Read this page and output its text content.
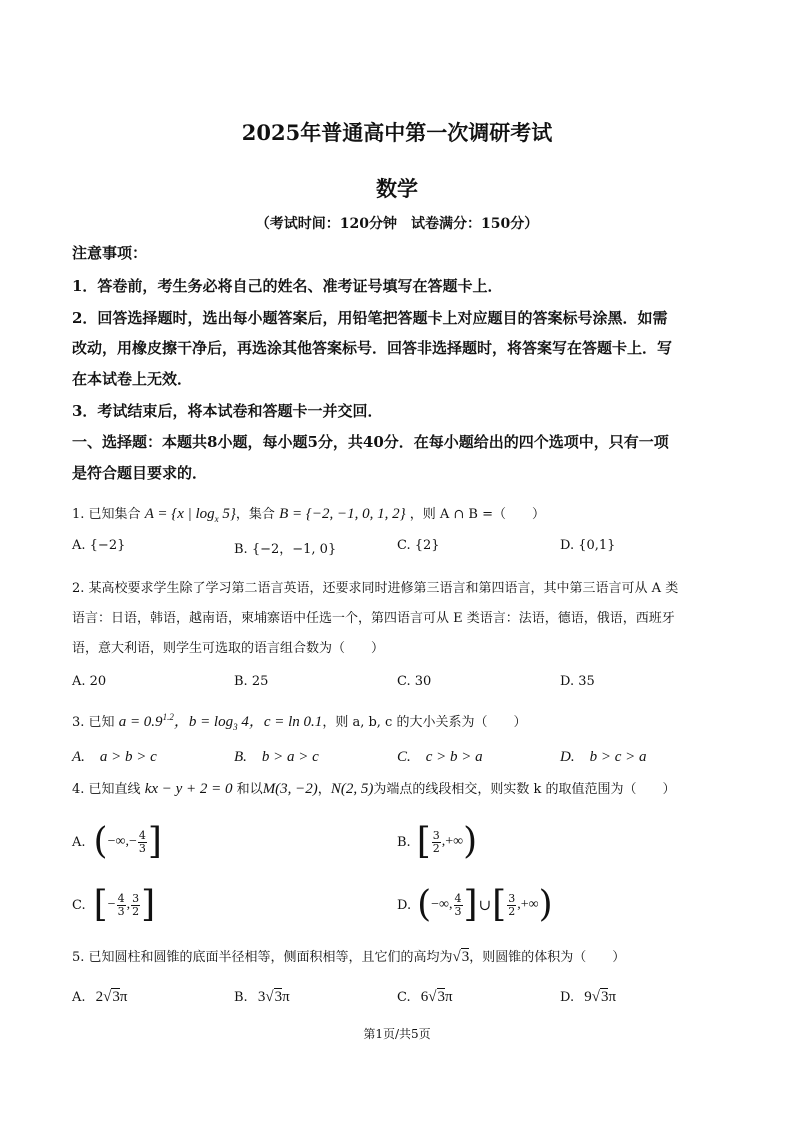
2025年普通高中第一次调研考试
数学
（考试时间：120分钟　试卷满分：150分）
注意事项：
1．答卷前，考生务必将自己的姓名、准考证号填写在答题卡上．
2．回答选择题时，选出每小题答案后，用铅笔把答题卡上对应题目的答案标号涂黑．如需
改动，用橡皮擦干净后，再选涂其他答案标号．回答非选择题时，将答案写在答题卡上．写
在本试卷上无效．
3．考试结束后，将本试卷和答题卡一并交回．
一、选择题：本题共8小题，每小题5分，共40分．在每小题给出的四个选项中，只有一项
是符合题目要求的．
1. 已知集合 A = {x | $\log_x 5$}，集合 B = {−2, −1, 0, 1, 2} ，则 A ∩ B =（　　）
A. {−2}	B. {−2，−1, 0}	C. {2}	D. {0,1}
2. 某高校要求学生除了学习第二语言英语，还要求同时进修第三语言和第四语言，其中第三语言可从 A 类
语言：日语，韩语，越南语，柬埔寨语中任选一个，第四语言可从 E 类语言：法语，德语，俄语，西班牙
语，意大利语，则学生可选取的语言组合数为（　　）
A. 20	B. 25	C. 30	D. 35
3. 已知 $a = 0.9^{1.2}$，$b = \log_3 4$，c = ln 0.1，则 a, b, c 的大小关系为（　　）
A.　a > b > c	B.　b > a > c	C.　c > b > a	D.　b > c > a
4. 已知直线 kx − y + 2 = 0 和以M(3, −2)，N(2, 5)为端点的线段相交，则实数 k 的取值范围为（　　）
A. ( −∞ , − $\frac{4}{3}$ ]	B. [ $\frac{3}{2}$ , +∞ )
C. [ − $\frac{4}{3}$ , $\frac{3}{2}$ ]	D. ( −∞ , $\frac{4}{3}$ ] ∪ [ $\frac{3}{2}$ , +∞ )
5. 已知圆柱和圆锥的底面半径相等，侧面积相等，且它们的高均为√3，则圆锥的体积为（　　）
A. 2√3π	B. 3√3π	C. 6√3π	D. 9√3π
第1页/共5页
